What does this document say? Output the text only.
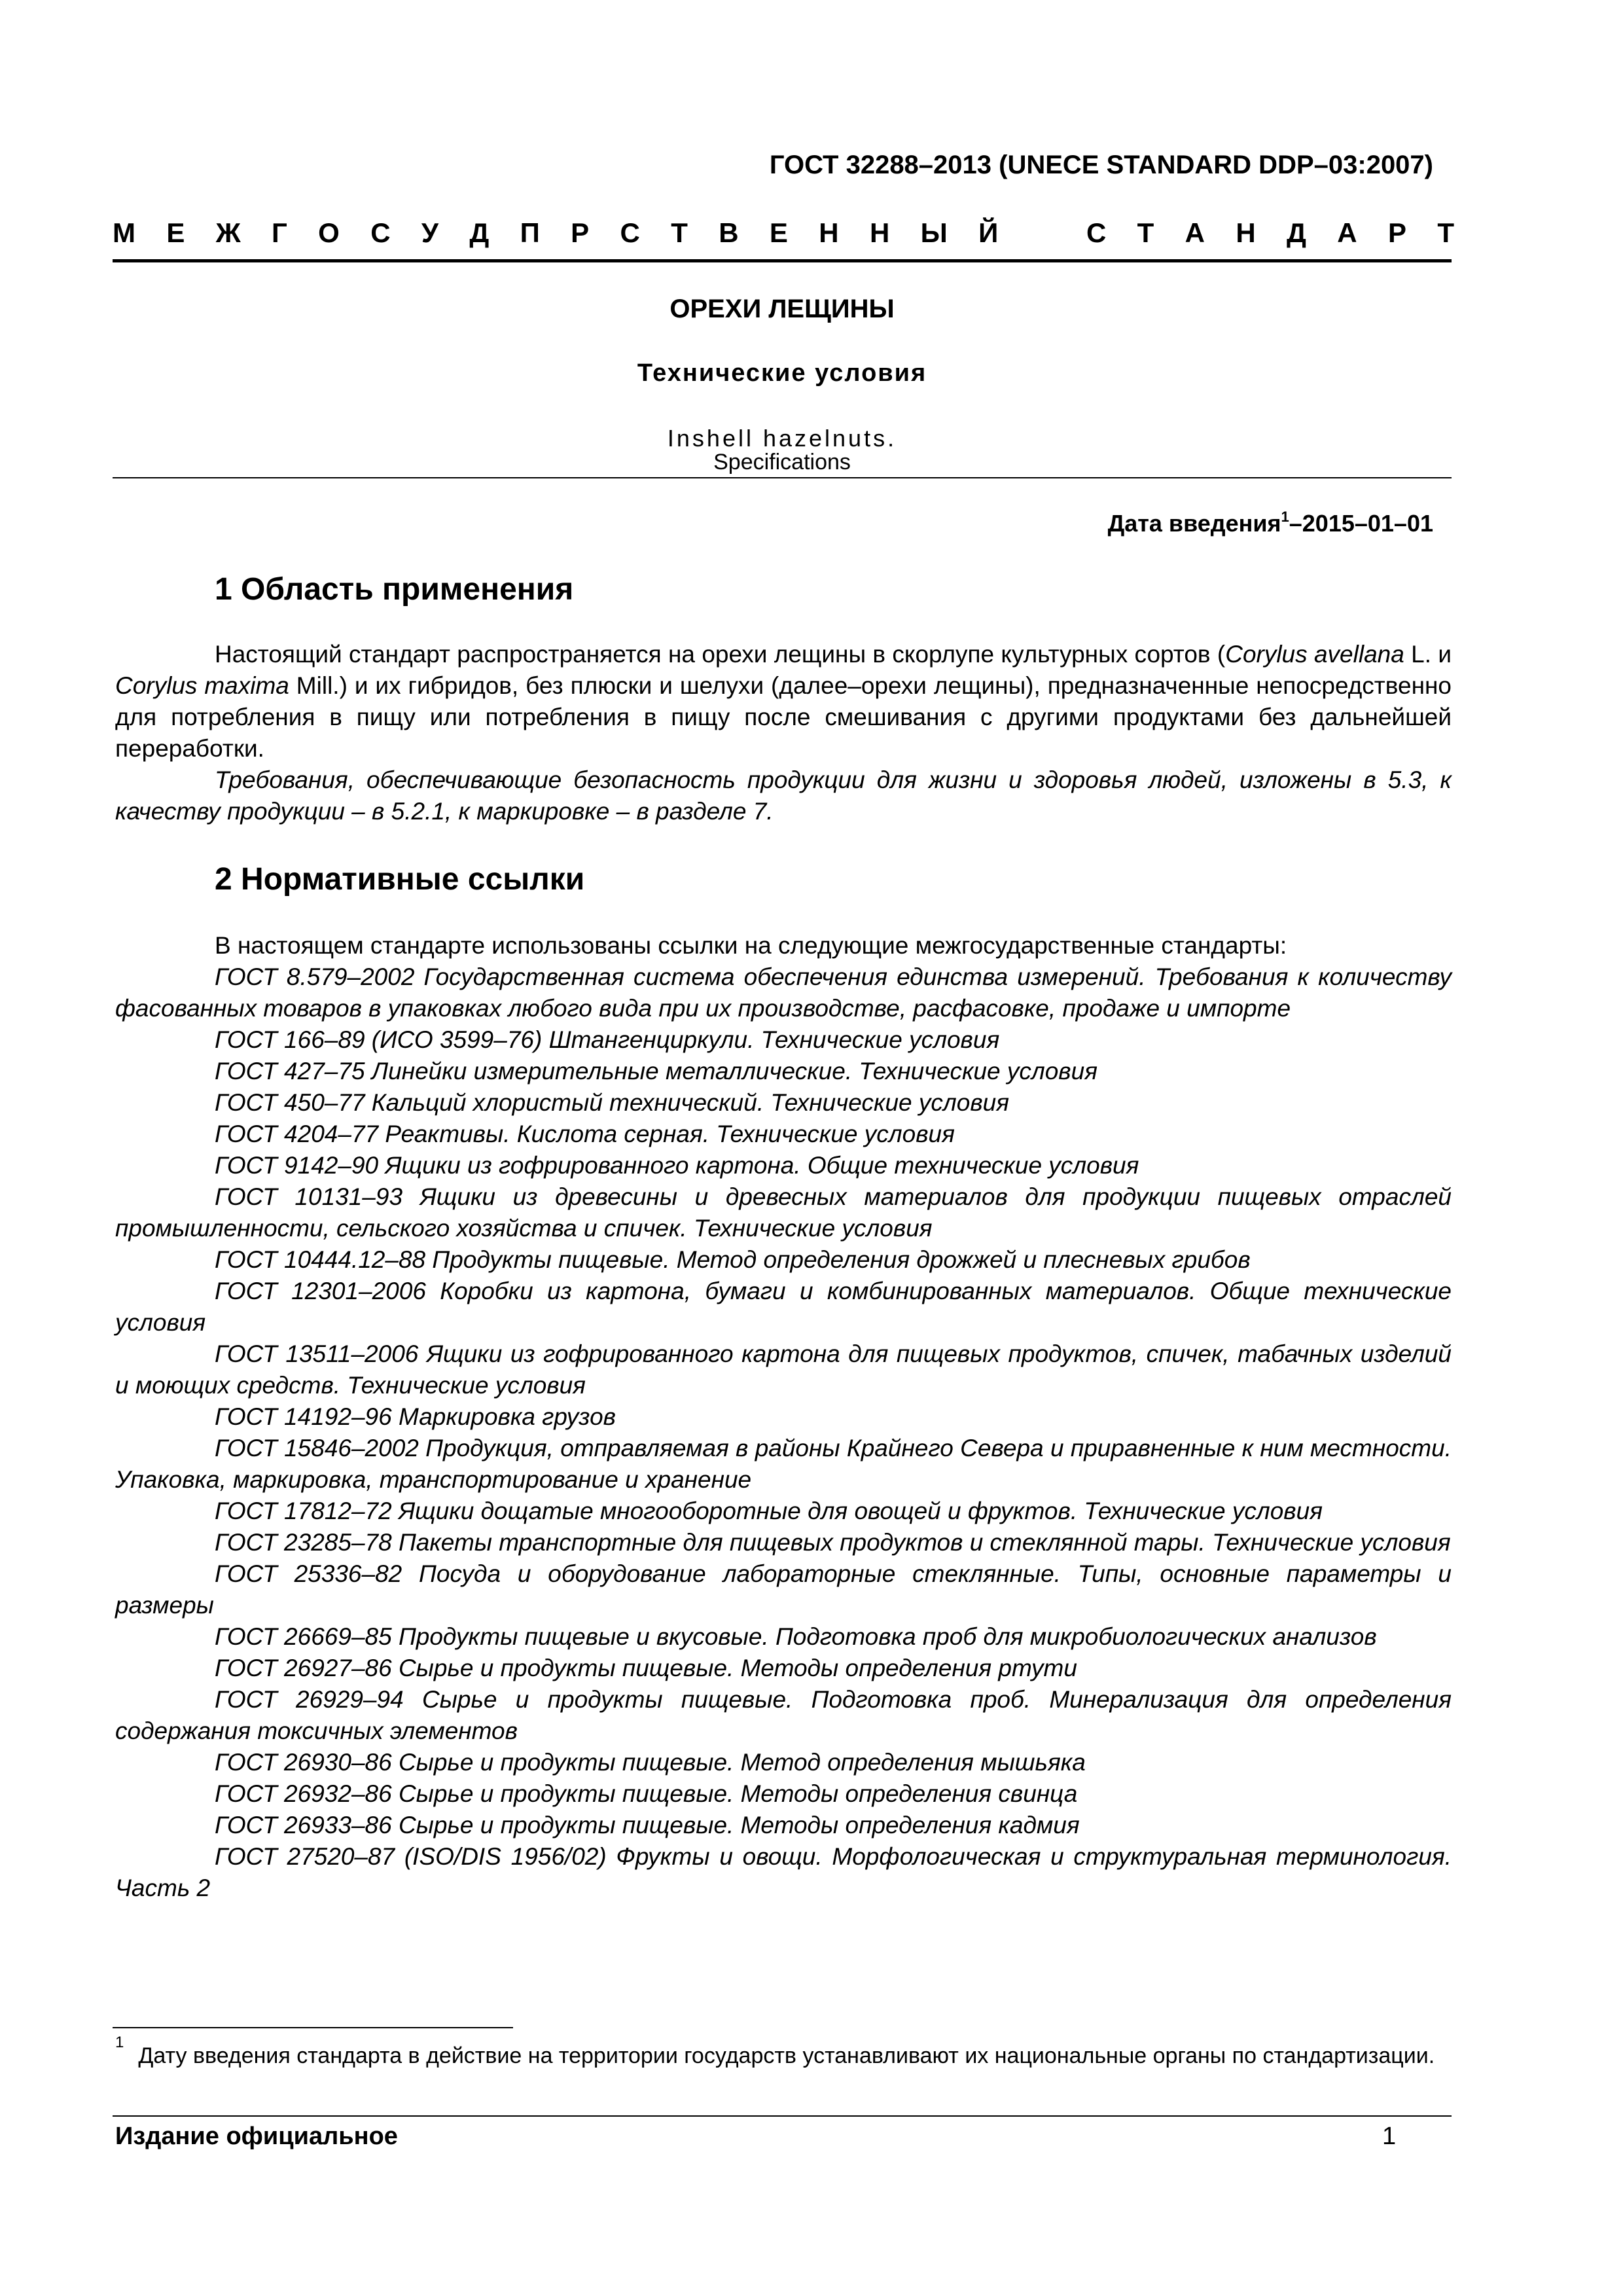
ГОСТ 32288–2013 (UNECE STANDARD DDP–03:2007)
М Е Ж Г О С У Д П Р С Т В Е Н Н Ы Й	С Т А Н Д А Р Т
ОРЕХИ ЛЕЩИНЫ
Технические условия
Inshell hazelnuts.
Specifications
Дата введения$^1$–2015–01–01
1 Область применения

Настоящий стандарт распространяется на орехи лещины в скорлупе культурных сортов (Corylus avellana L. и Corylus maxima Mill.) и их гибридов, без плюски и шелухи (далее–орехи лещины), предназначенные непосредственно для потребления в пищу или потребления в пищу после смешивания с другими продуктами без дальнейшей переработки.

Требования, обеспечивающие безопасность продукции для жизни и здоровья людей, изложены в 5.3, к качеству продукции – в 5.2.1, к маркировке – в разделе 7.

2 Нормативные ссылки

В настоящем стандарте использованы ссылки на следующие межгосударственные стандарты:

ГОСТ 8.579–2002 Государственная система обеспечения единства измерений. Требования к количеству фасованных товаров в упаковках любого вида при их производстве, расфасовке, продаже и импорте

ГОСТ 166–89 (ИСО 3599–76) Штангенциркули. Технические условия

ГОСТ 427–75 Линейки измерительные металлические. Технические условия

ГОСТ 450–77 Кальций хлористый технический. Технические условия

ГОСТ 4204–77 Реактивы. Кислота серная. Технические условия

ГОСТ 9142–90 Ящики из гофрированного картона. Общие технические условия

ГОСТ 10131–93 Ящики из древесины и древесных материалов для продукции пищевых отраслей промышленности, сельского хозяйства и спичек. Технические условия

ГОСТ 10444.12–88 Продукты пищевые. Метод определения дрожжей и плесневых грибов

ГОСТ 12301–2006 Коробки из картона, бумаги и комбинированных материалов. Общие технические условия

ГОСТ 13511–2006 Ящики из гофрированного картона для пищевых продуктов, спичек, табачных изделий и моющих средств. Технические условия

ГОСТ 14192–96 Маркировка грузов

ГОСТ 15846–2002 Продукция, отправляемая в районы Крайнего Севера и приравненные к ним местности. Упаковка, маркировка, транспортирование и хранение

ГОСТ 17812–72 Ящики дощатые многооборотные для овощей и фруктов. Технические условия

ГОСТ 23285–78 Пакеты транспортные для пищевых продуктов и стеклянной тары. Технические условия

ГОСТ 25336–82 Посуда и оборудование лабораторные стеклянные. Типы, основные параметры и размеры

ГОСТ 26669–85 Продукты пищевые и вкусовые. Подготовка проб для микробиологических анализов

ГОСТ 26927–86 Сырье и продукты пищевые. Методы определения ртути

ГОСТ 26929–94 Сырье и продукты пищевые. Подготовка проб. Минерализация для определения содержания токсичных элементов

ГОСТ 26930–86 Сырье и продукты пищевые. Метод определения мышьяка

ГОСТ 26932–86 Сырье и продукты пищевые. Методы определения свинца

ГОСТ 26933–86 Сырье и продукты пищевые. Методы определения кадмия

ГОСТ 27520–87 (ISO/DIS 1956/02) Фрукты и овощи. Морфологическая и структуральная терминология. Часть 2

$^1$Дату введения стандарта в действие на территории государств устанавливают их национальные органы по стандартизации.
Издание официальное	1
